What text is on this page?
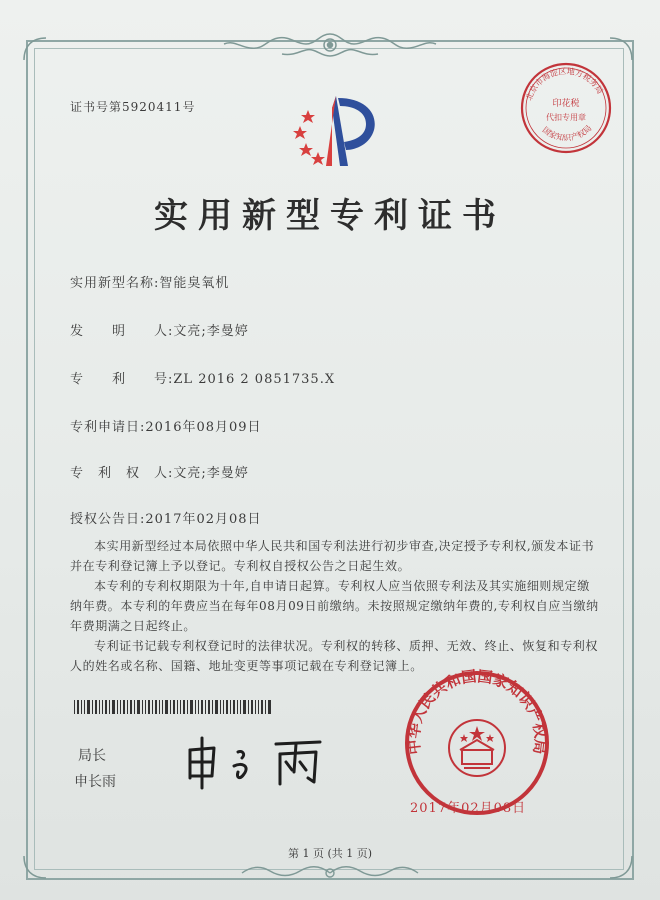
证书号第5920411号
北京市海淀区地方税务局
国家知识产权局
印花税
代扣专用章
实用新型专利证书
实用新型名称:智能臭氧机
发　　明　　人:文亮;李曼婷
专　　利　　号:ZL 2016 2 0851735.X
专利申请日:2016年08月09日
专　利　权　人:文亮;李曼婷
授权公告日:2017年02月08日

本实用新型经过本局依照中华人民共和国专利法进行初步审查,决定授予专利权,颁发本证书并在专利登记簿上予以登记。专利权自授权公告之日起生效。

本专利的专利权期限为十年,自申请日起算。专利权人应当依照专利法及其实施细则规定缴纳年费。本专利的年费应当在每年08月09日前缴纳。未按照规定缴纳年费的,专利权自应当缴纳年费期满之日起终止。

专利证书记载专利权登记时的法律状况。专利权的转移、质押、无效、终止、恢复和专利权人的姓名或名称、国籍、地址变更等事项记载在专利登记簿上。

局长
申长雨
中华人民共和国国家知识产权局
2017年02月08日
第 1 页 (共 1 页)
